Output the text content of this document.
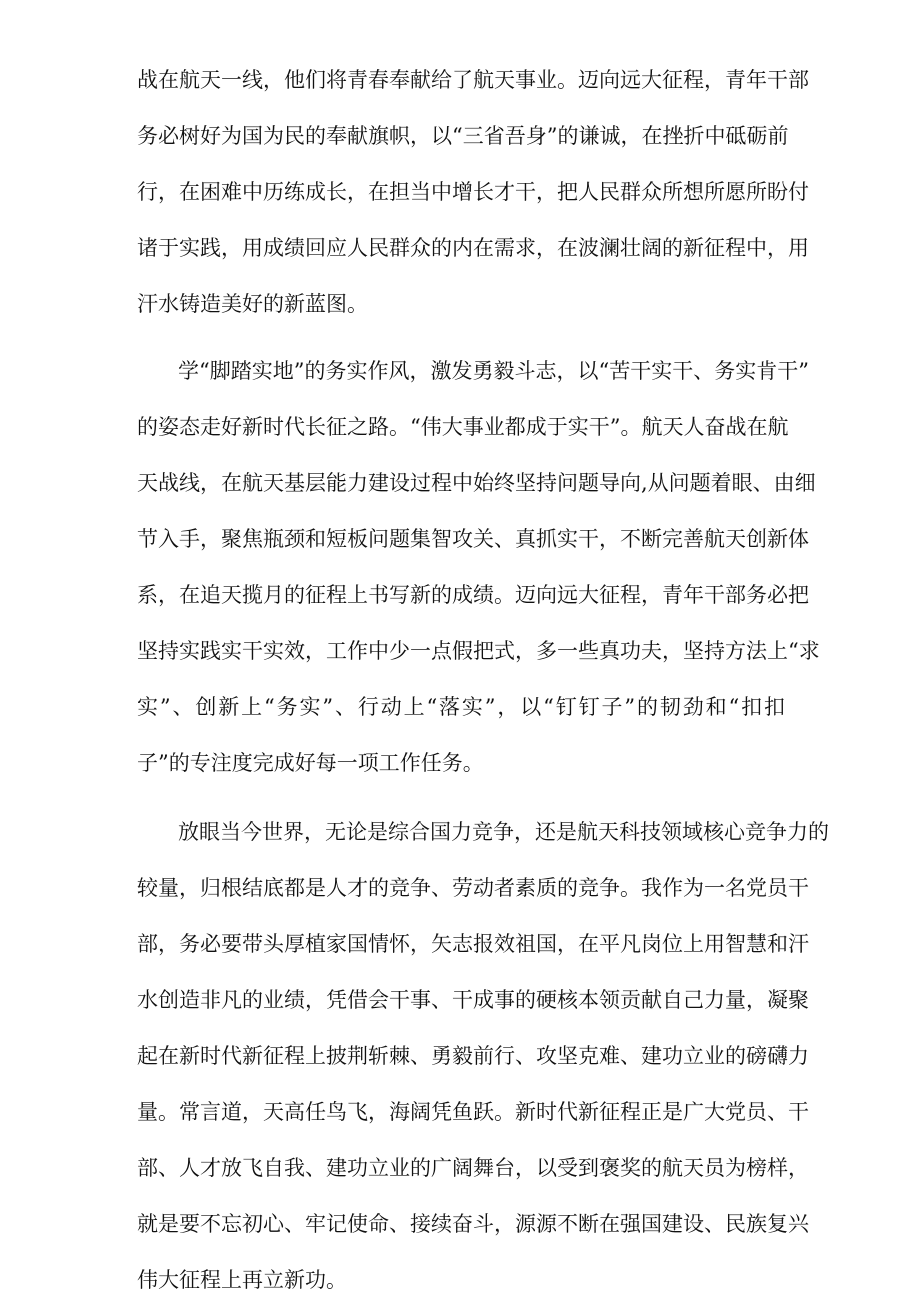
战在航天一线，他们将青春奉献给了航天事业。迈向远大征程，青年干部
务必树好为国为民的奉献旗帜，以“三省吾身”的谦诚，在挫折中砥砺前
行，在困难中历练成长，在担当中增长才干，把人民群众所想所愿所盼付
诸于实践，用成绩回应人民群众的内在需求，在波澜壮阔的新征程中，用
汗水铸造美好的新蓝图。
学“脚踏实地”的务实作风，激发勇毅斗志，以“苦干实干、务实肯干”
的姿态走好新时代长征之路。“伟大事业都成于实干”。航天人奋战在航
天战线，在航天基层能力建设过程中始终坚持问题导向,从问题着眼、由细
节入手，聚焦瓶颈和短板问题集智攻关、真抓实干，不断完善航天创新体
系，在追天揽月的征程上书写新的成绩。迈向远大征程，青年干部务必把
坚持实践实干实效，工作中少一点假把式，多一些真功夫，坚持方法上“求
实”、创新上“务实”、行动上“落实”，以“钉钉子”的韧劲和“扣扣
子”的专注度完成好每一项工作任务。
放眼当今世界，无论是综合国力竞争，还是航天科技领域核心竞争力的
较量，归根结底都是人才的竞争、劳动者素质的竞争。我作为一名党员干
部，务必要带头厚植家国情怀，矢志报效祖国，在平凡岗位上用智慧和汗
水创造非凡的业绩，凭借会干事、干成事的硬核本领贡献自己力量，凝聚
起在新时代新征程上披荆斩棘、勇毅前行、攻坚克难、建功立业的磅礴力
量。常言道，天高任鸟飞，海阔凭鱼跃。新时代新征程正是广大党员、干
部、人才放飞自我、建功立业的广阔舞台，以受到褒奖的航天员为榜样，
就是要不忘初心、牢记使命、接续奋斗，源源不断在强国建设、民族复兴
伟大征程上再立新功。
